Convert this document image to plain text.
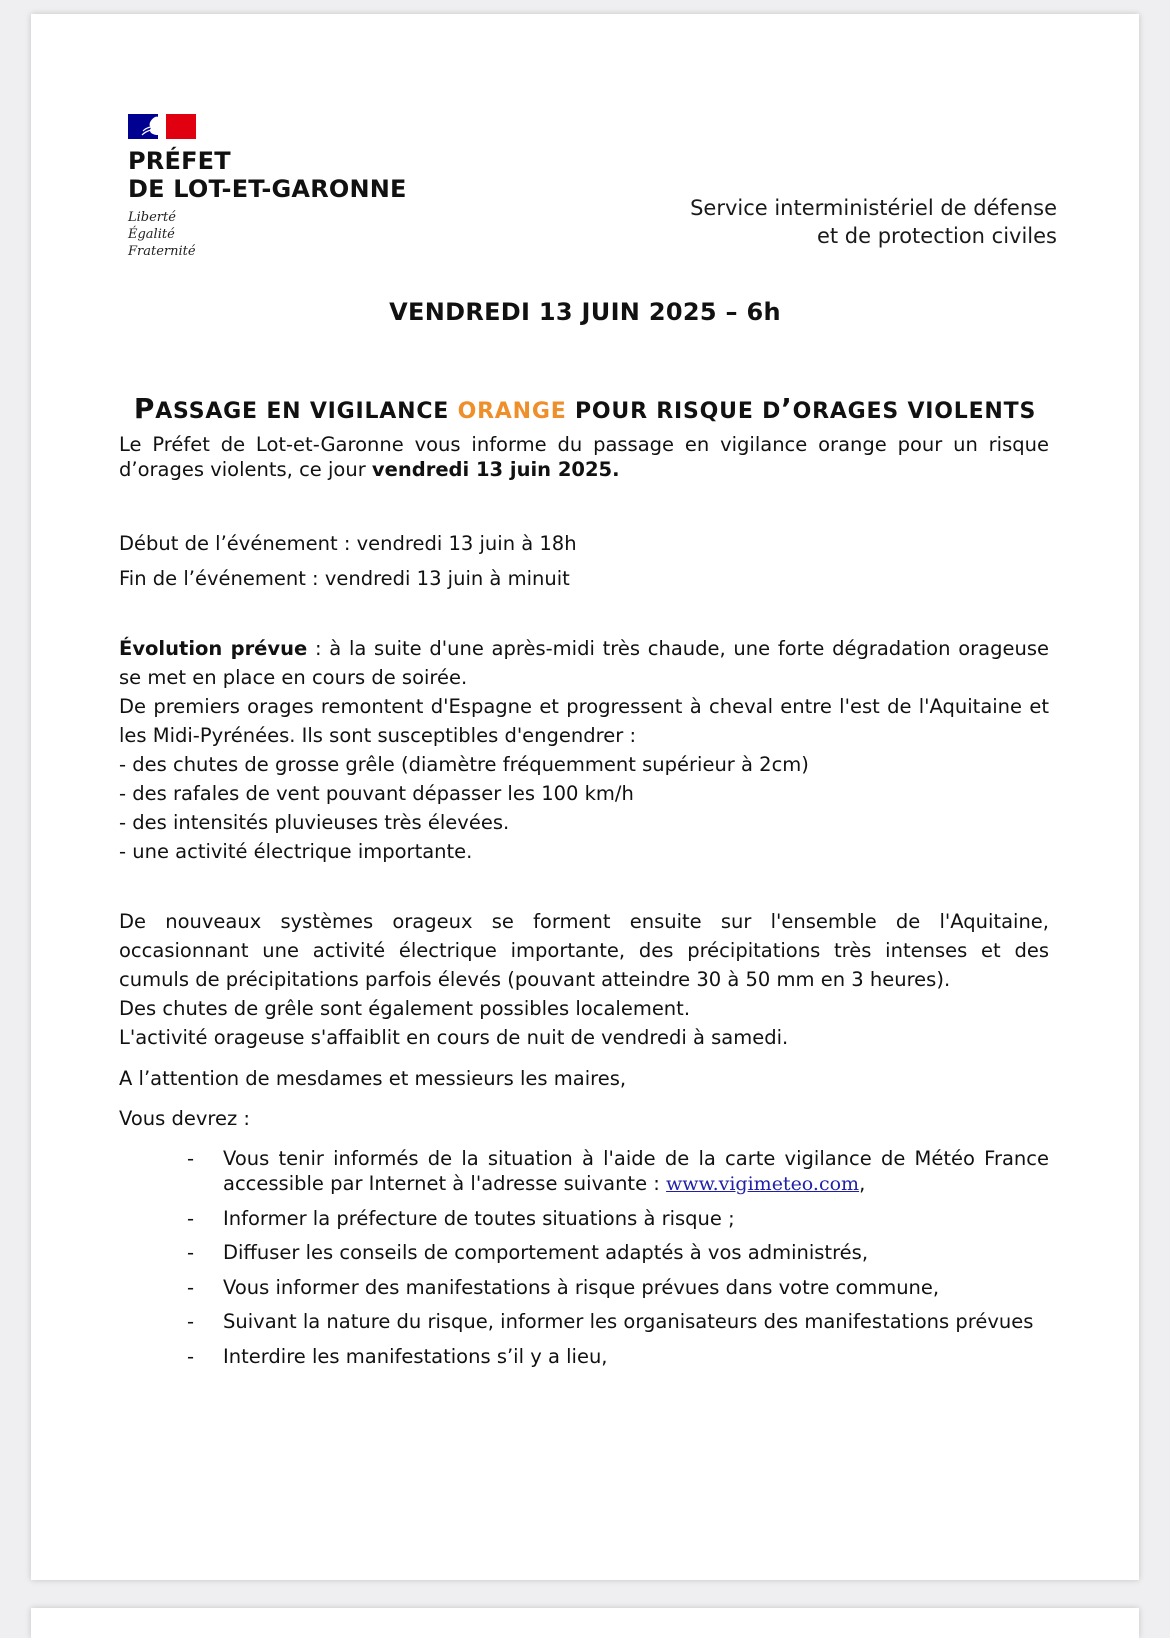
PRÉFET
DE LOT-ET-GARONNE
Liberté
Égalité
Fraternité
Service interministériel de défense
et de protection civiles
VENDREDI 13 JUIN 2025 – 6h
PASSAGE EN VIGILANCE ORANGE POUR RISQUE D’ORAGES VIOLENTS
Le Préfet de Lot-et-Garonne vous informe du passage en vigilance orange pour un risque d’orages violents, ce jour vendredi 13 juin 2025.
Début de l’événement : vendredi 13 juin à 18h
Fin de l’événement : vendredi 13 juin à minuit
Évolution prévue : à la suite d'une après-midi très chaude, une forte dégradation orageuse se met en place en cours de soirée.
De premiers orages remontent d'Espagne et progressent à cheval entre l'est de l'Aquitaine et les Midi-Pyrénées. Ils sont susceptibles d'engendrer :
- des chutes de grosse grêle (diamètre fréquemment supérieur à 2cm)
- des rafales de vent pouvant dépasser les 100 km/h
- des intensités pluvieuses très élevées.
- une activité électrique importante.
De nouveaux systèmes orageux se forment ensuite sur l'ensemble de l'Aquitaine, occasionnant une activité électrique importante, des précipitations très intenses et des cumuls de précipitations parfois élevés (pouvant atteindre 30 à 50 mm en 3 heures).
Des chutes de grêle sont également possibles localement.
L'activité orageuse s'affaiblit en cours de nuit de vendredi à samedi.
A l’attention de mesdames et messieurs les maires,
Vous devrez :
- Vous tenir informés de la situation à l'aide de la carte vigilance de Météo France accessible par Internet à l'adresse suivante : www.vigimeteo.com,
- Informer la préfecture de toutes situations à risque ;
- Diffuser les conseils de comportement adaptés à vos administrés,
- Vous informer des manifestations à risque prévues dans votre commune,
- Suivant la nature du risque, informer les organisateurs des manifestations prévues
- Interdire les manifestations s’il y a lieu,
